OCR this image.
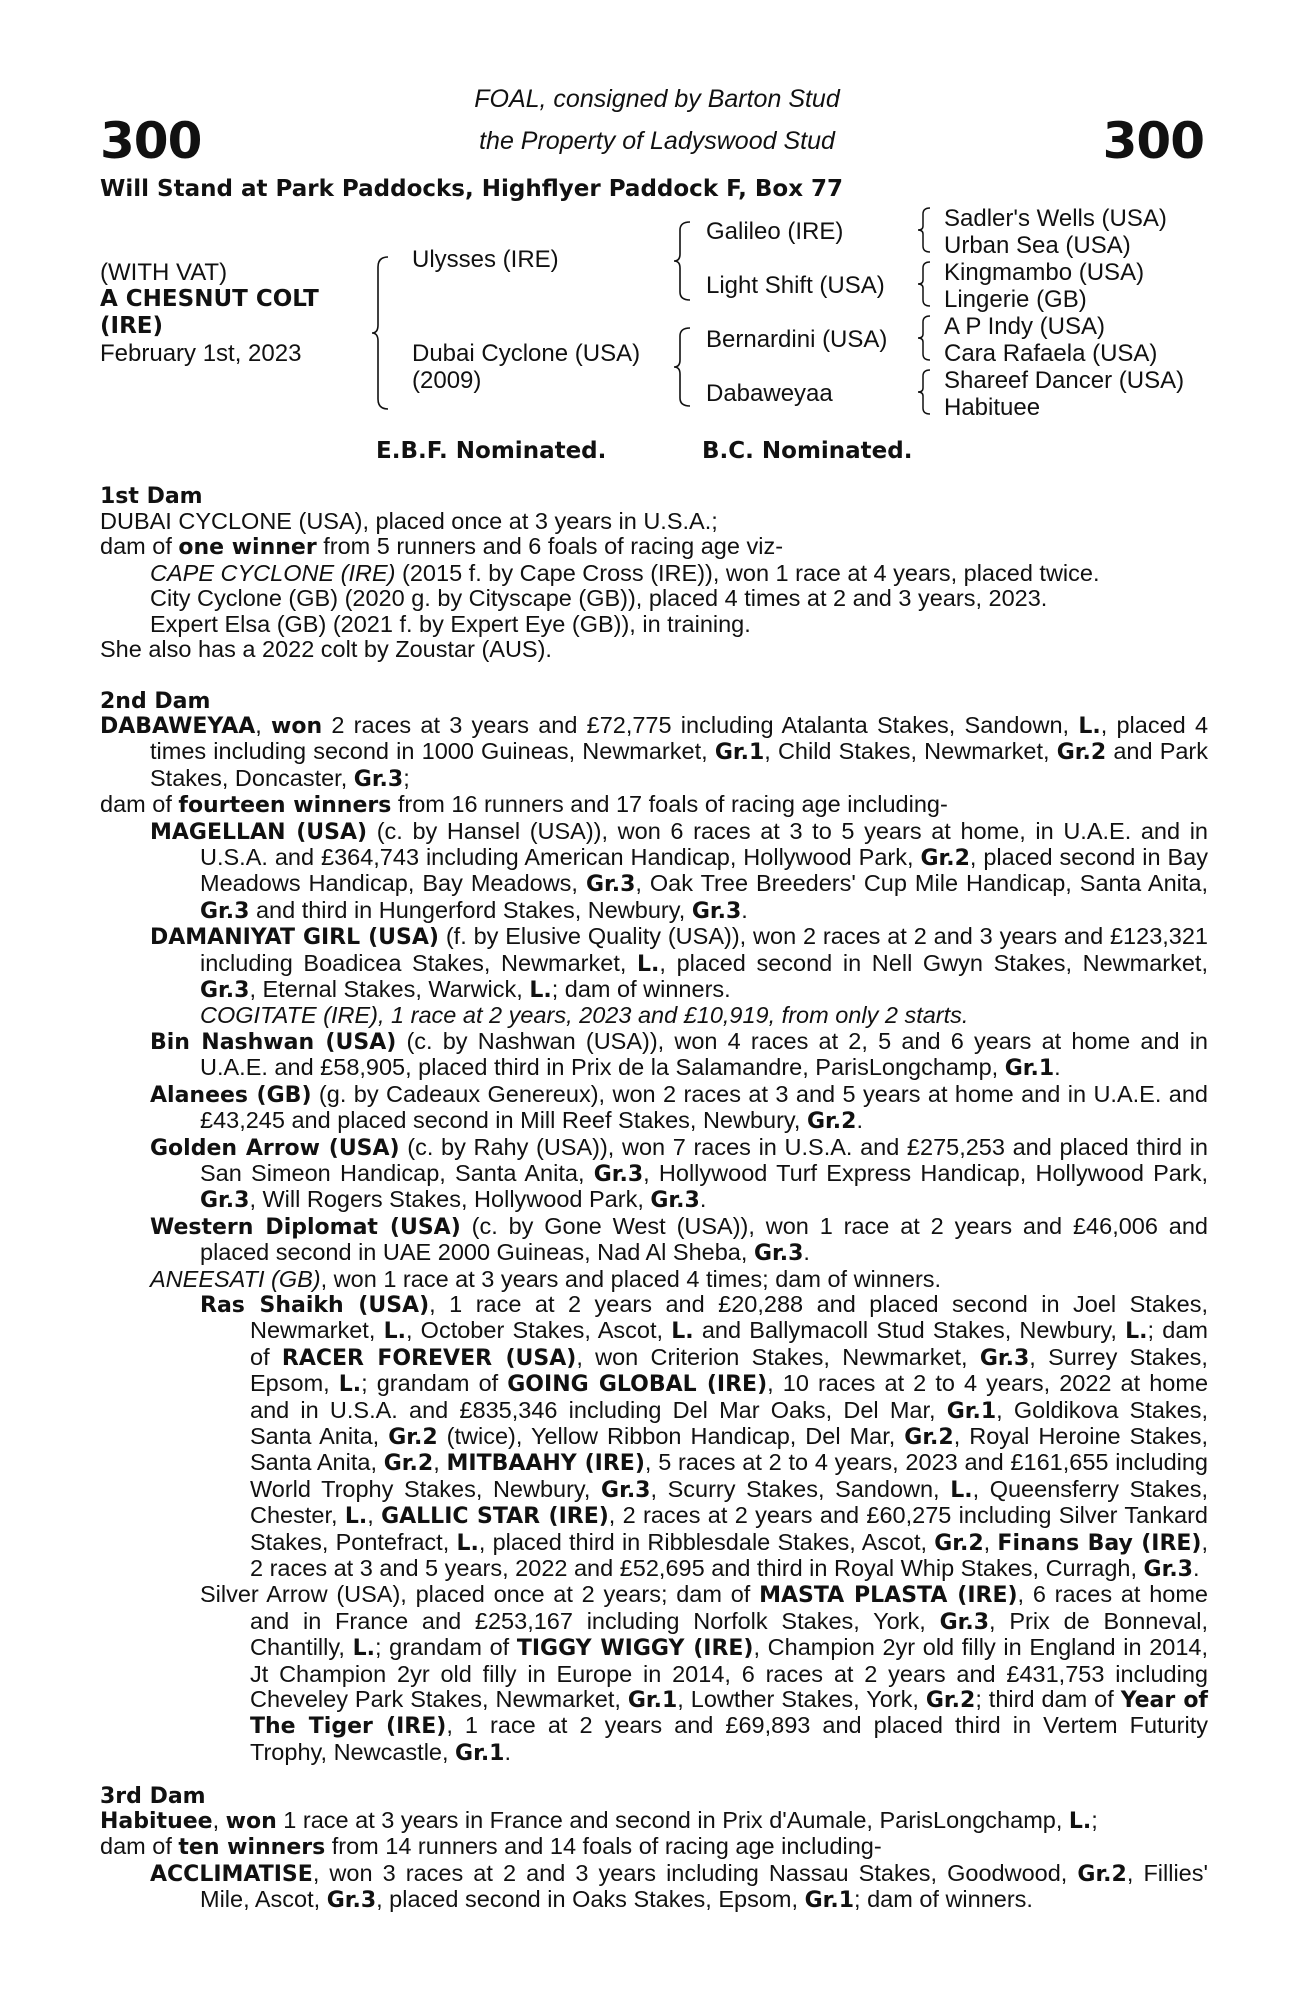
300	300
FOAL, consigned by Barton Stud
the Property of Ladyswood Stud
Will Stand at Park Paddocks, Highflyer Paddock F, Box 77
(WITH VAT)
A CHESNUT COLT
(IRE)
February 1st, 2023
Ulysses (IRE)
Dubai Cyclone (USA)
(2009)
Galileo (IRE)
Light Shift (USA)
Bernardini (USA)
Dabaweyaa
Sadler's Wells (USA)
Urban Sea (USA)
Kingmambo (USA)
Lingerie (GB)
A P Indy (USA)
Cara Rafaela (USA)
Shareef Dancer (USA)
Habituee
E.B.F. Nominated.	B.C. Nominated.
1st Dam

DUBAI CYCLONE (USA), placed once at 3 years in U.S.A.;

dam of one winner from 5 runners and 6 foals of racing age viz-

CAPE CYCLONE (IRE) (2015 f. by Cape Cross (IRE)), won 1 race at 4 years, placed twice.

City Cyclone (GB) (2020 g. by Cityscape (GB)), placed 4 times at 2 and 3 years, 2023.

Expert Elsa (GB) (2021 f. by Expert Eye (GB)), in training.

She also has a 2022 colt by Zoustar (AUS).

2nd Dam

DABAWEYAA, won 2 races at 3 years and £72,775 including Atalanta Stakes, Sandown, L., placed 4 times including second in 1000 Guineas, Newmarket, Gr.1, Child Stakes, Newmarket, Gr.2 and Park Stakes, Doncaster, Gr.3;

dam of fourteen winners from 16 runners and 17 foals of racing age including-

MAGELLAN (USA) (c. by Hansel (USA)), won 6 races at 3 to 5 years at home, in U.A.E. and in U.S.A. and £364,743 including American Handicap, Hollywood Park, Gr.2, placed second in Bay Meadows Handicap, Bay Meadows, Gr.3, Oak Tree Breeders' Cup Mile Handicap, Santa Anita, Gr.3 and third in Hungerford Stakes, Newbury, Gr.3.

DAMANIYAT GIRL (USA) (f. by Elusive Quality (USA)), won 2 races at 2 and 3 years and £123,321 including Boadicea Stakes, Newmarket, L., placed second in Nell Gwyn Stakes, Newmarket, Gr.3, Eternal Stakes, Warwick, L.; dam of winners.

COGITATE (IRE), 1 race at 2 years, 2023 and £10,919, from only 2 starts.

Bin Nashwan (USA) (c. by Nashwan (USA)), won 4 races at 2, 5 and 6 years at home and in U.A.E. and £58,905, placed third in Prix de la Salamandre, ParisLongchamp, Gr.1.

Alanees (GB) (g. by Cadeaux Genereux), won 2 races at 3 and 5 years at home and in U.A.E. and £43,245 and placed second in Mill Reef Stakes, Newbury, Gr.2.

Golden Arrow (USA) (c. by Rahy (USA)), won 7 races in U.S.A. and £275,253 and placed third in San Simeon Handicap, Santa Anita, Gr.3, Hollywood Turf Express Handicap, Hollywood Park, Gr.3, Will Rogers Stakes, Hollywood Park, Gr.3.

Western Diplomat (USA) (c. by Gone West (USA)), won 1 race at 2 years and £46,006 and placed second in UAE 2000 Guineas, Nad Al Sheba, Gr.3.

ANEESATI (GB), won 1 race at 3 years and placed 4 times; dam of winners.

Ras Shaikh (USA), 1 race at 2 years and £20,288 and placed second in Joel Stakes, Newmarket, L., October Stakes, Ascot, L. and Ballymacoll Stud Stakes, Newbury, L.; dam of RACER FOREVER (USA), won Criterion Stakes, Newmarket, Gr.3, Surrey Stakes, Epsom, L.; grandam of GOING GLOBAL (IRE), 10 races at 2 to 4 years, 2022 at home and in U.S.A. and £835,346 including Del Mar Oaks, Del Mar, Gr.1, Goldikova Stakes, Santa Anita, Gr.2 (twice), Yellow Ribbon Handicap, Del Mar, Gr.2, Royal Heroine Stakes, Santa Anita, Gr.2, MITBAAHY (IRE), 5 races at 2 to 4 years, 2023 and £161,655 including World Trophy Stakes, Newbury, Gr.3, Scurry Stakes, Sandown, L., Queensferry Stakes, Chester, L., GALLIC STAR (IRE), 2 races at 2 years and £60,275 including Silver Tankard Stakes, Pontefract, L., placed third in Ribblesdale Stakes, Ascot, Gr.2, Finans Bay (IRE), 2 races at 3 and 5 years, 2022 and £52,695 and third in Royal Whip Stakes, Curragh, Gr.3.

Silver Arrow (USA), placed once at 2 years; dam of MASTA PLASTA (IRE), 6 races at home and in France and £253,167 including Norfolk Stakes, York, Gr.3, Prix de Bonneval, Chantilly, L.; grandam of TIGGY WIGGY (IRE), Champion 2yr old filly in England in 2014, Jt Champion 2yr old filly in Europe in 2014, 6 races at 2 years and £431,753 including Cheveley Park Stakes, Newmarket, Gr.1, Lowther Stakes, York, Gr.2; third dam of Year of The Tiger (IRE), 1 race at 2 years and £69,893 and placed third in Vertem Futurity Trophy, Newcastle, Gr.1.

3rd Dam

Habituee, won 1 race at 3 years in France and second in Prix d'Aumale, ParisLongchamp, L.;

dam of ten winners from 14 runners and 14 foals of racing age including-

ACCLIMATISE, won 3 races at 2 and 3 years including Nassau Stakes, Goodwood, Gr.2, Fillies' Mile, Ascot, Gr.3, placed second in Oaks Stakes, Epsom, Gr.1; dam of winners.
